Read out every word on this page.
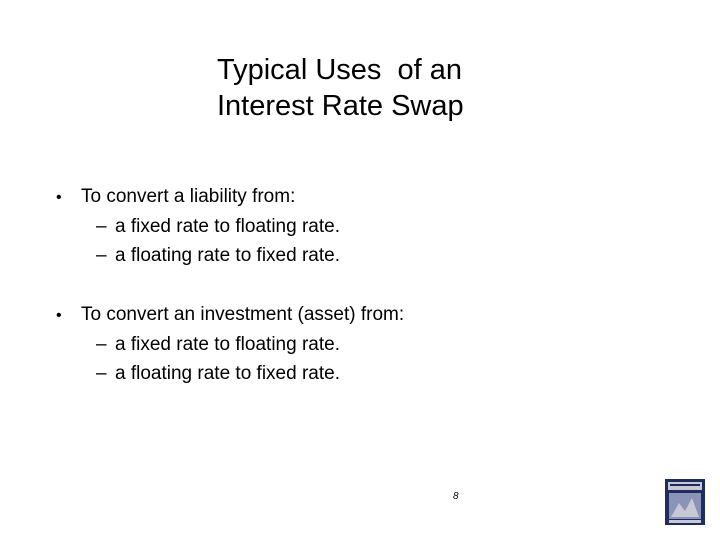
Typical Uses  of an
Interest Rate Swap
•	To convert a liability from:
– a fixed rate to floating rate.
– a floating rate to fixed rate.
•	To convert an investment (asset) from:
– a fixed rate to floating rate.
– a floating rate to fixed rate.
8
